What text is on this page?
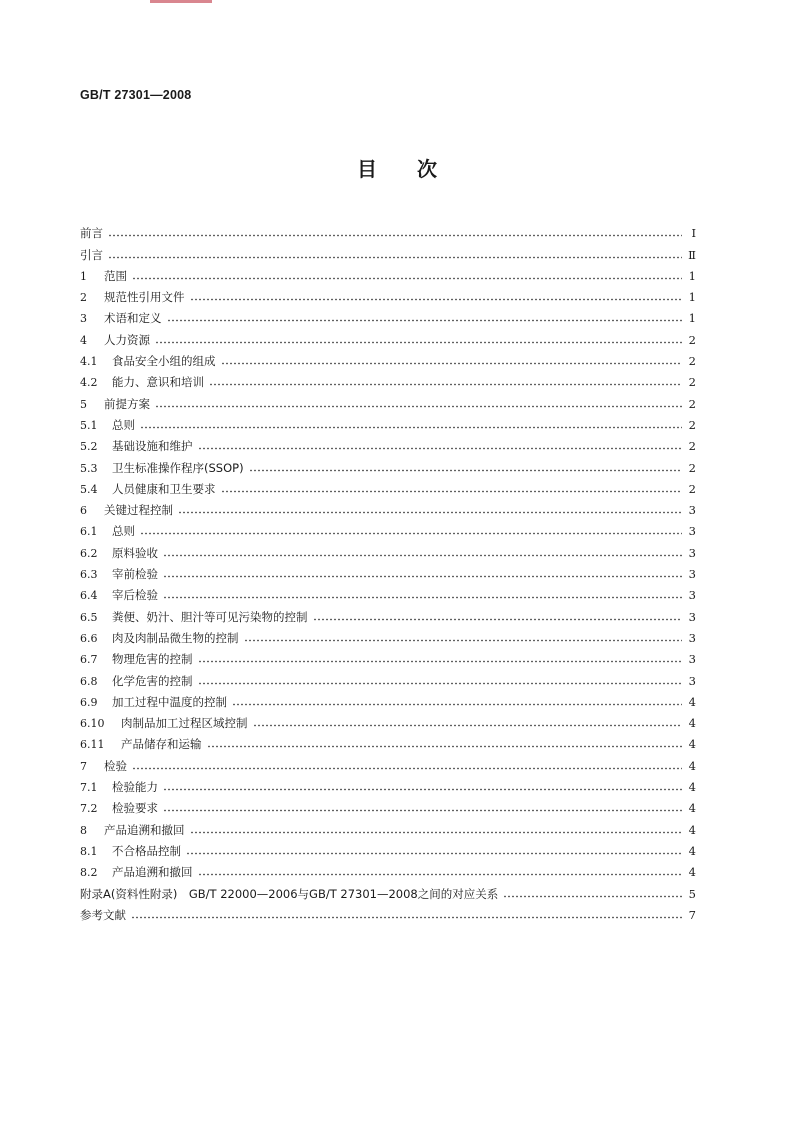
GB/T 27301—2008
目　　次
前言	Ⅰ
引言	Ⅱ
1	范围	1
2	规范性引用文件	1
3	术语和定义	1
4	人力资源	2
4.1	食品安全小组的组成	2
4.2	能力、意识和培训	2
5	前提方案	2
5.1	总则	2
5.2	基础设施和维护	2
5.3	卫生标准操作程序(SSOP)	2
5.4	人员健康和卫生要求	2
6	关键过程控制	3
6.1	总则	3
6.2	原料验收	3
6.3	宰前检验	3
6.4	宰后检验	3
6.5	粪便、奶汁、胆汁等可见污染物的控制	3
6.6	肉及肉制品微生物的控制	3
6.7	物理危害的控制	3
6.8	化学危害的控制	3
6.9	加工过程中温度的控制	4
6.10	肉制品加工过程区域控制	4
6.11	产品储存和运输	4
7	检验	4
7.1	检验能力	4
7.2	检验要求	4
8	产品追溯和撤回	4
8.1	不合格品控制	4
8.2	产品追溯和撤回	4
附录A(资料性附录)　GB/T 22000—2006与GB/T 27301—2008之间的对应关系	5
参考文献	7
